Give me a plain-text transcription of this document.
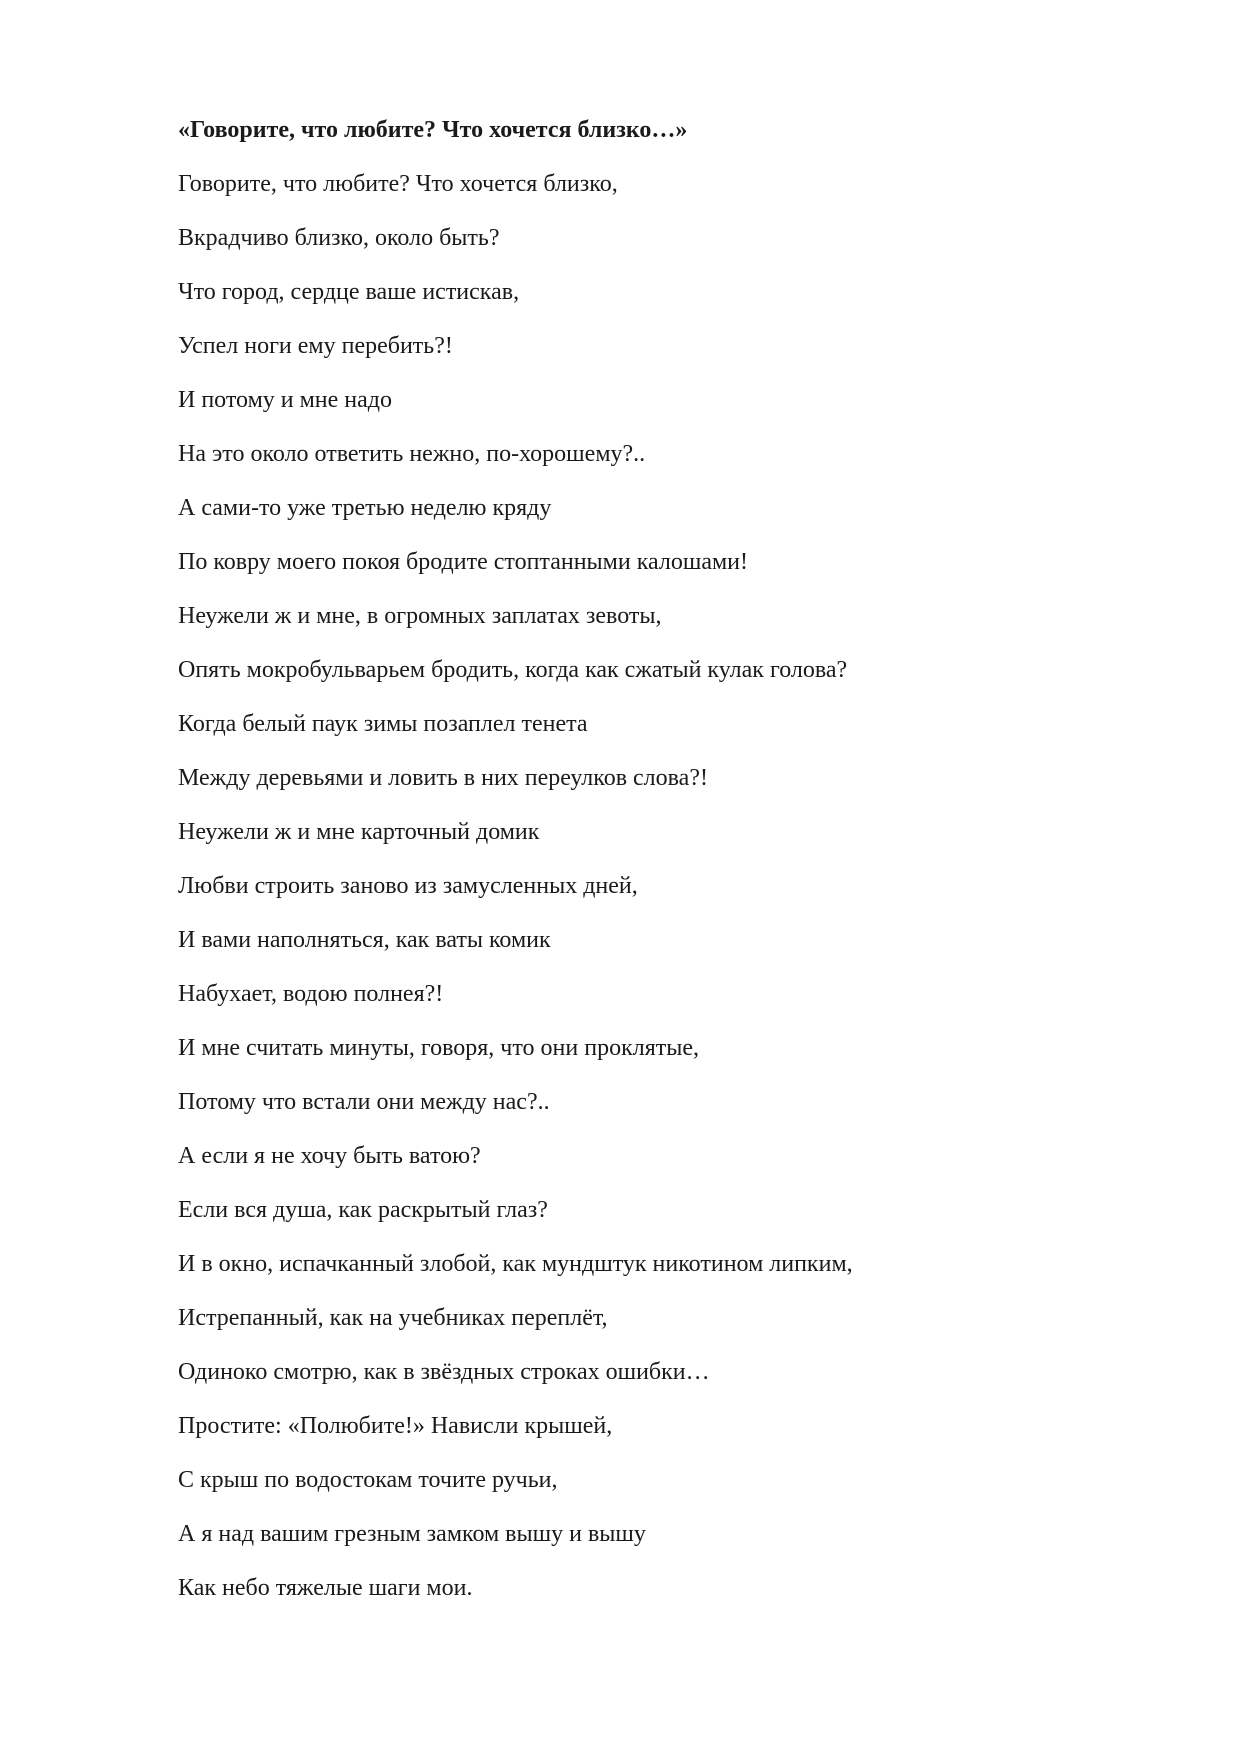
«Говорите, что любите? Что хочется близко…»
Говорите, что любите? Что хочется близко,
Вкрадчиво близко, около быть?
Что город, сердце ваше истискав,
Успел ноги ему перебить?!
И потому и мне надо
На это около ответить нежно, по-хорошему?..
А сами-то уже третью неделю кряду
По ковру моего покоя бродите стоптанными калошами!
Неужели ж и мне, в огромных заплатах зевоты,
Опять мокробульварьем бродить, когда как сжатый кулак голова?
Когда белый паук зимы позаплел тенета
Между деревьями и ловить в них переулков слова?!
Неужели ж и мне карточный домик
Любви строить заново из замусленных дней,
И вами наполняться, как ваты комик
Набухает, водою полнея?!
И мне считать минуты, говоря, что они проклятые,
Потому что встали они между нас?..
А если я не хочу быть ватою?
Если вся душа, как раскрытый глаз?
И в окно, испачканный злобой, как мундштук никотином липким,
Истрепанный, как на учебниках переплёт,
Одиноко смотрю, как в звёздных строках ошибки…
Простите: «Полюбите!» Нависли крышей,
С крыш по водостокам точите ручьи,
А я над вашим грезным замком вышу и вышу
Как небо тяжелые шаги мои.
